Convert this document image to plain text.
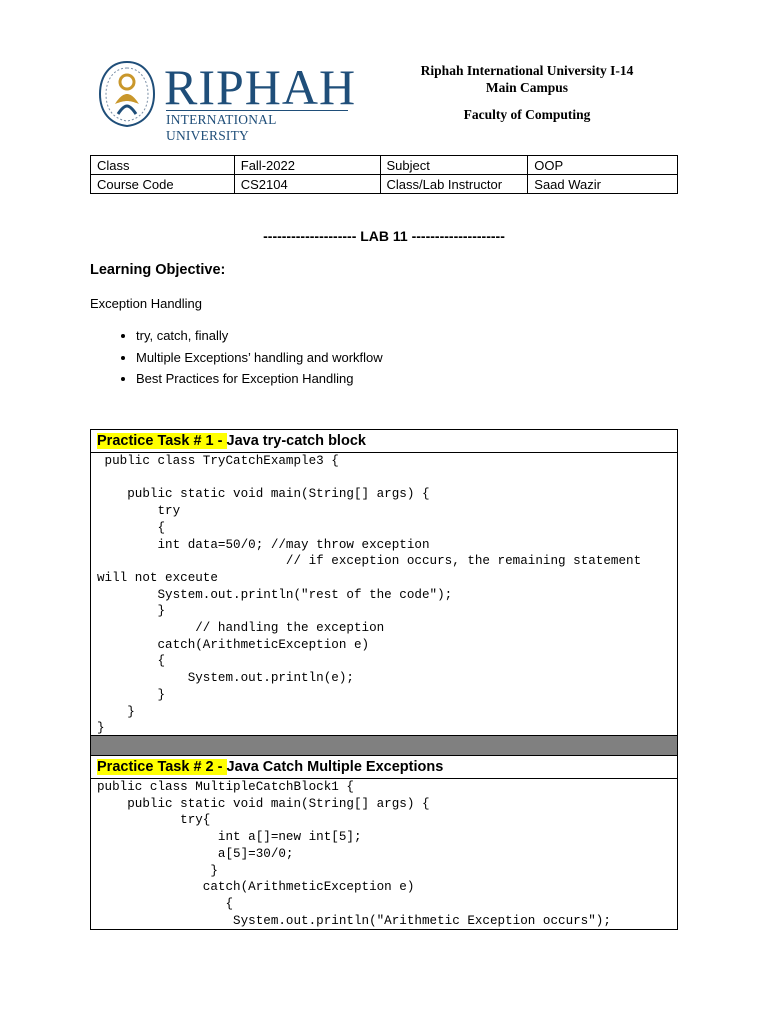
RIPHAH
INTERNATIONAL UNIVERSITY
Riphah International University I-14
Main Campus
Faculty of Computing
Class	Fall-2022	Subject	OOP
Course Code	CS2104	Class/Lab Instructor	Saad Wazir
-------------------- LAB 11 --------------------
Learning Objective:
Exception Handling
• try, catch, finally
• Multiple Exceptions’ handling and workflow
• Best Practices for Exception Handling
Practice Task # 1 - Java try-catch block
public class TryCatchExample3 {

public static void main(String[] args) {
try
{
int data=50/0; //may throw exception
// if exception occurs, the remaining statement
will not exceute
System.out.println("rest of the code");
}
// handling the exception
catch(ArithmeticException e)
{
System.out.println(e);
}
}
}
Practice Task # 2 - Java Catch Multiple Exceptions
public class MultipleCatchBlock1 {
public static void main(String[] args) {
try{
int a[]=new int[5];
a[5]=30/0;
}
catch(ArithmeticException e)
{
System.out.println("Arithmetic Exception occurs");
